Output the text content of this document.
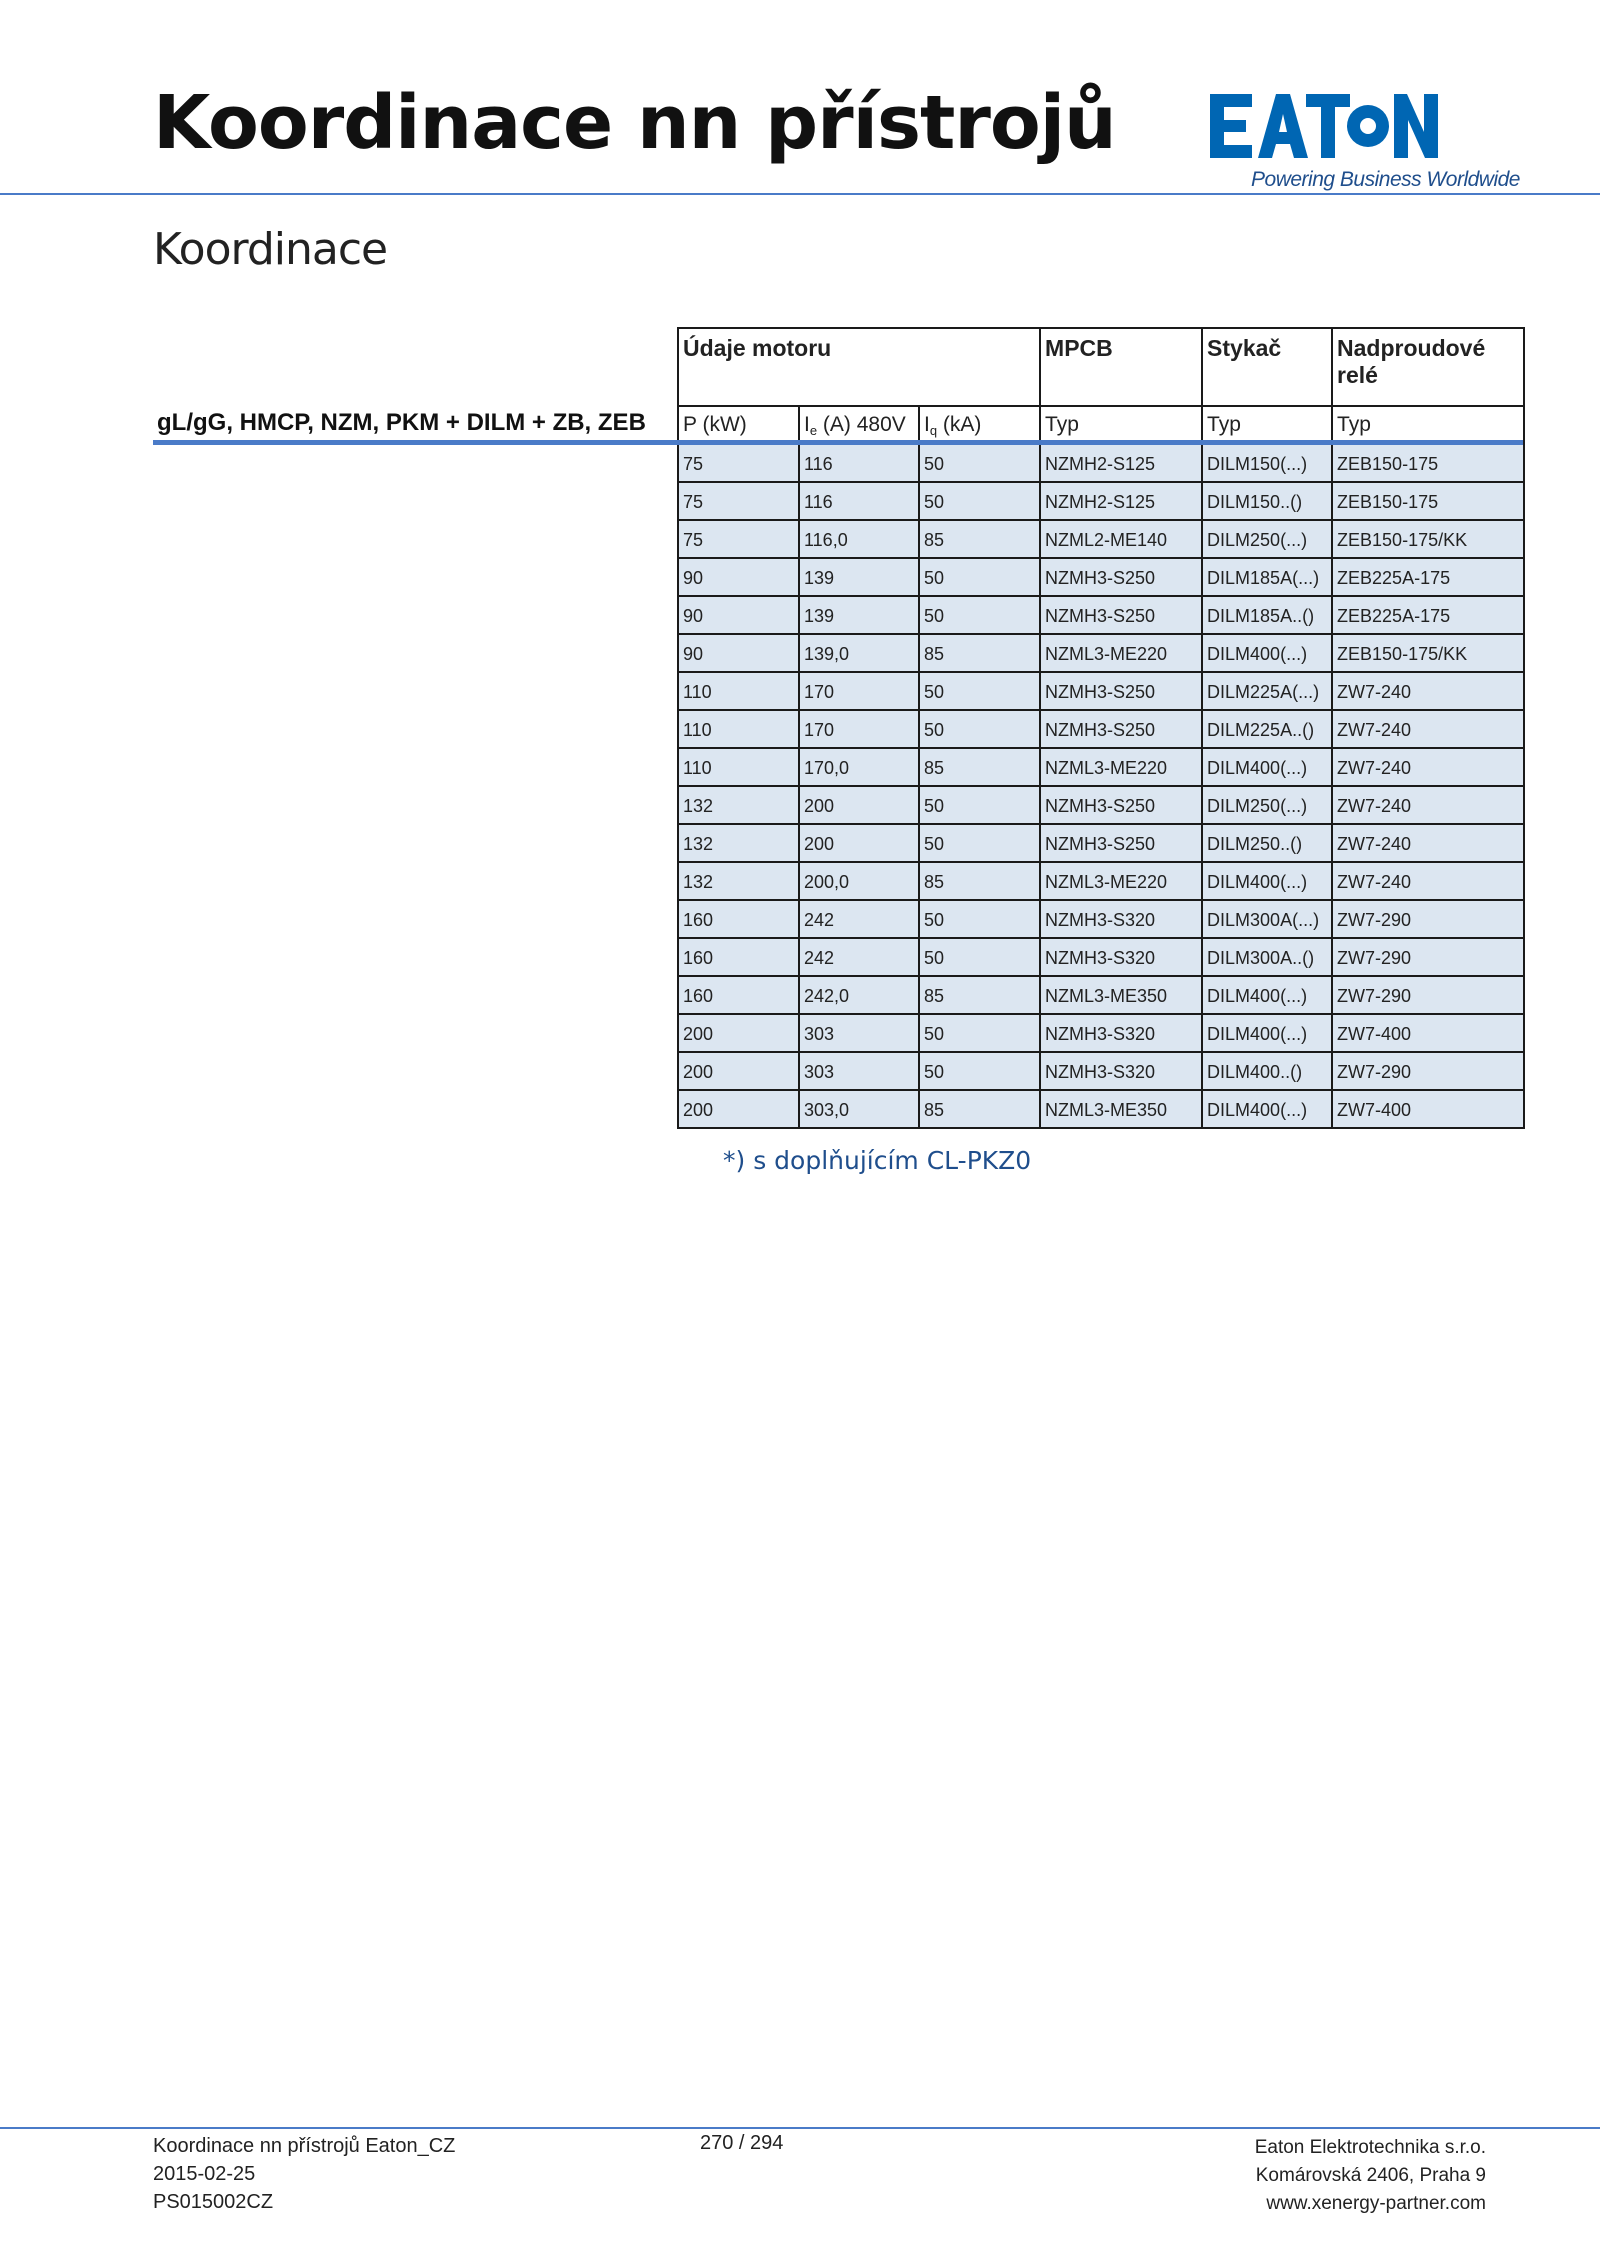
Koordinace nn přístrojů
Powering Business Worldwide
Koordinace
gL/gG, HMCP, NZM, PKM + DILM + ZB, ZEB
Údaje motoru			MPCB	Stykač	Nadproudové
relé

P (kW)	$I_e$ (A) 480V	$I_q$ (kA)	Typ	Typ	Typ
75	116	50	NZMH2-S125	DILM150(...)	ZEB150-175
75	116	50	NZMH2-S125	DILM150..()	ZEB150-175
75	116,0	85	NZML2-ME140	DILM250(...)	ZEB150-175/KK
90	139	50	NZMH3-S250	DILM185A(...)	ZEB225A-175
90	139	50	NZMH3-S250	DILM185A..()	ZEB225A-175
90	139,0	85	NZML3-ME220	DILM400(...)	ZEB150-175/KK
110	170	50	NZMH3-S250	DILM225A(...)	ZW7-240
110	170	50	NZMH3-S250	DILM225A..()	ZW7-240
110	170,0	85	NZML3-ME220	DILM400(...)	ZW7-240
132	200	50	NZMH3-S250	DILM250(...)	ZW7-240
132	200	50	NZMH3-S250	DILM250..()	ZW7-240
132	200,0	85	NZML3-ME220	DILM400(...)	ZW7-240
160	242	50	NZMH3-S320	DILM300A(...)	ZW7-290
160	242	50	NZMH3-S320	DILM300A..()	ZW7-290
160	242,0	85	NZML3-ME350	DILM400(...)	ZW7-290
200	303	50	NZMH3-S320	DILM400(...)	ZW7-400
200	303	50	NZMH3-S320	DILM400..()	ZW7-290
200	303,0	85	NZML3-ME350	DILM400(...)	ZW7-400
*) s doplňujícím CL-PKZ0
Koordinace nn přístrojů Eaton_CZ
2015-02-25
PS015002CZ
270 / 294	Eaton Elektrotechnika s.r.o.
Komárovská 2406, Praha 9
www.xenergy-partner.com
